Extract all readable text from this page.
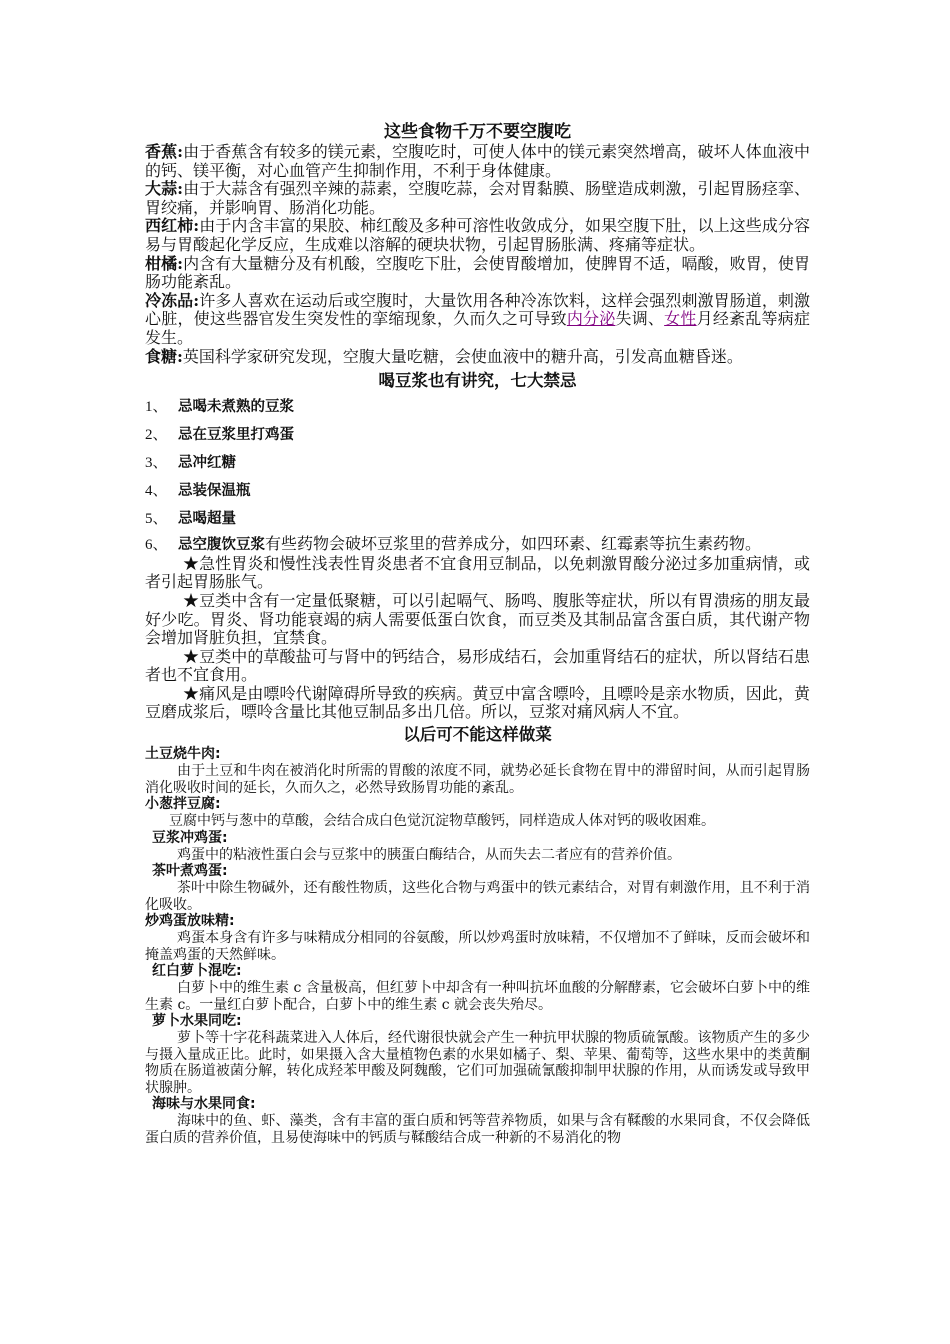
这些食物千万不要空腹吃

香蕉:由于香蕉含有较多的镁元素，空腹吃时，可使人体中的镁元素突然增高，破坏人体血液中的钙、镁平衡，对心血管产生抑制作用，不利于身体健康。

大蒜:由于大蒜含有强烈辛辣的蒜素，空腹吃蒜，会对胃黏膜、肠壁造成刺激，引起胃肠痉挛、胃绞痛，并影响胃、肠消化功能。

西红柿:由于内含丰富的果胶、柿红酸及多种可溶性收敛成分，如果空腹下肚，以上这些成分容易与胃酸起化学反应，生成难以溶解的硬块状物，引起胃肠胀满、疼痛等症状。

柑橘:内含有大量糖分及有机酸，空腹吃下肚，会使胃酸增加，使脾胃不适，嗝酸，败胃，使胃肠功能紊乱。

冷冻品:许多人喜欢在运动后或空腹时，大量饮用各种冷冻饮料，这样会强烈刺激胃肠道，刺激心脏，使这些器官发生突发性的挛缩现象，久而久之可导致内分泌失调、女性月经紊乱等病症发生。

食糖:英国科学家研究发现，空腹大量吃糖，会使血液中的糖升高，引发高血糖昏迷。

喝豆浆也有讲究，七大禁忌

1、 忌喝未煮熟的豆浆

2、 忌在豆浆里打鸡蛋

3、 忌冲红糖

4、 忌装保温瓶

5、 忌喝超量

6、 忌空腹饮豆浆有些药物会破坏豆浆里的营养成分，如四环素、红霉素等抗生素药物。

★急性胃炎和慢性浅表性胃炎患者不宜食用豆制品，以免刺激胃酸分泌过多加重病情，或者引起胃肠胀气。

★豆类中含有一定量低聚糖，可以引起嗝气、肠鸣、腹胀等症状，所以有胃溃疡的朋友最好少吃。胃炎、肾功能衰竭的病人需要低蛋白饮食，而豆类及其制品富含蛋白质，其代谢产物会增加肾脏负担，宜禁食。

★豆类中的草酸盐可与肾中的钙结合，易形成结石，会加重肾结石的症状，所以肾结石患者也不宜食用。

★痛风是由嘌呤代谢障碍所导致的疾病。黄豆中富含嘌呤，且嘌呤是亲水物质，因此，黄豆磨成浆后，嘌呤含量比其他豆制品多出几倍。所以，豆浆对痛风病人不宜。

以后可不能这样做菜

土豆烧牛肉:

由于土豆和牛肉在被消化时所需的胃酸的浓度不同，就势必延长食物在胃中的滞留时间，从而引起胃肠消化吸收时间的延长，久而久之，必然导致肠胃功能的紊乱。

小葱拌豆腐:

豆腐中钙与葱中的草酸，会结合成白色觉沉淀物草酸钙，同样造成人体对钙的吸收困难。

豆浆冲鸡蛋:

鸡蛋中的粘液性蛋白会与豆浆中的胰蛋白酶结合，从而失去二者应有的营养价值。

茶叶煮鸡蛋:

茶叶中除生物碱外，还有酸性物质，这些化合物与鸡蛋中的铁元素结合，对胃有刺激作用，且不利于消化吸收。

炒鸡蛋放味精:

鸡蛋本身含有许多与味精成分相同的谷氨酸，所以炒鸡蛋时放味精，不仅增加不了鲜味，反而会破坏和掩盖鸡蛋的天然鲜味。

红白萝卜混吃:

白萝卜中的维生素 c 含量极高，但红萝卜中却含有一种叫抗坏血酸的分解酵素，它会破坏白萝卜中的维生素 c。一量红白萝卜配合，白萝卜中的维生素 c 就会丧失殆尽。

萝卜水果同吃:

萝卜等十字花科蔬菜进入人体后，经代谢很快就会产生一种抗甲状腺的物质硫氰酸。该物质产生的多少与摄入量成正比。此时，如果摄入含大量植物色素的水果如橘子、梨、苹果、葡萄等，这些水果中的类黄酮物质在肠道被菌分解，转化成羟苯甲酸及阿魏酸，它们可加强硫氰酸抑制甲状腺的作用，从而诱发或导致甲状腺肿。

海味与水果同食:

海味中的鱼、虾、藻类，含有丰富的蛋白质和钙等营养物质，如果与含有鞣酸的水果同食，不仅会降低蛋白质的营养价值，且易使海味中的钙质与鞣酸结合成一种新的不易消化的物
